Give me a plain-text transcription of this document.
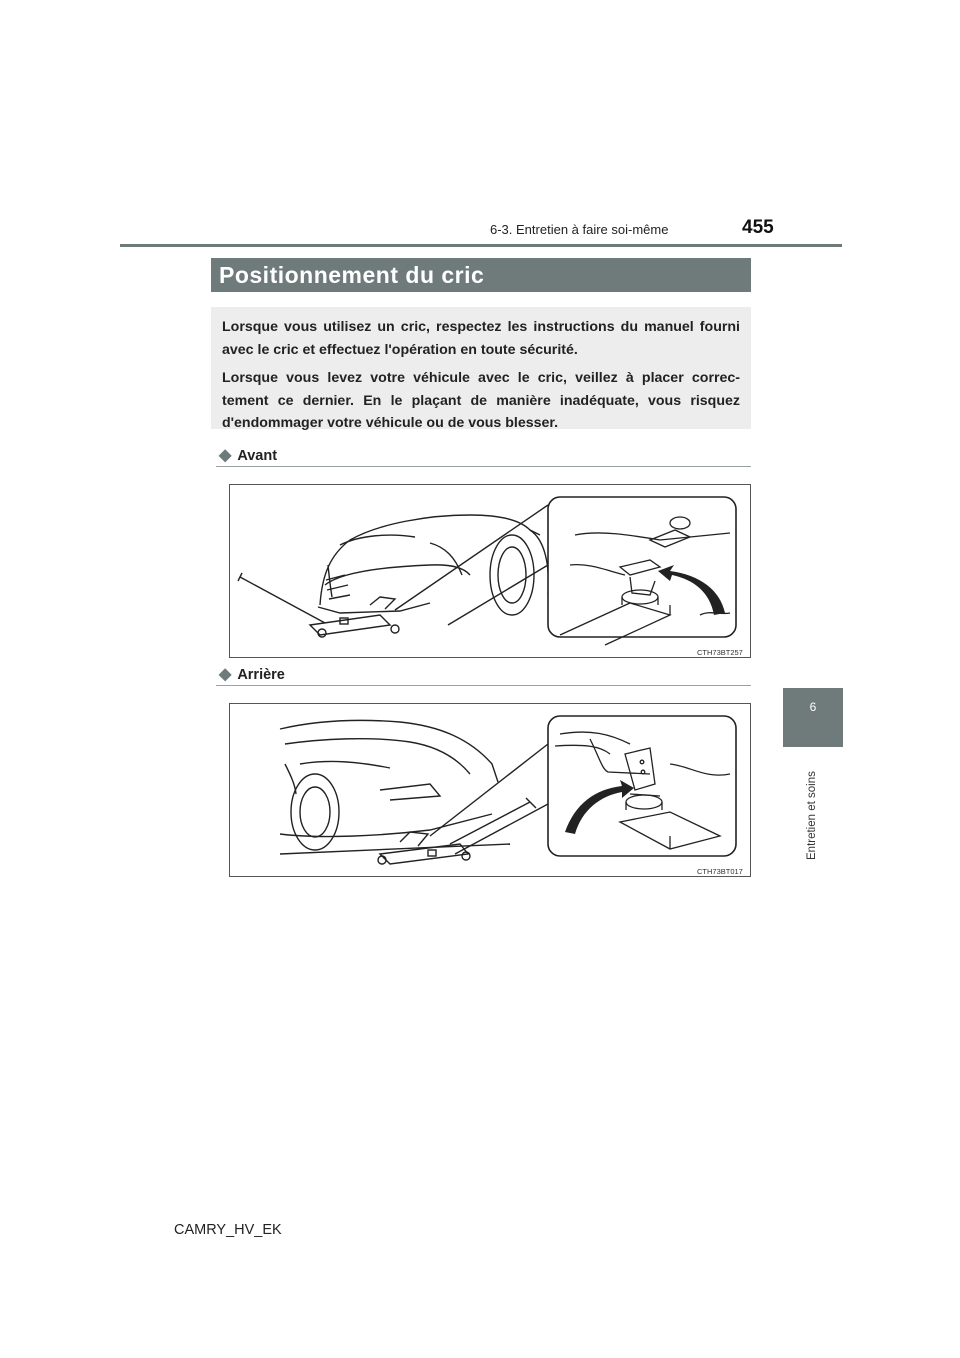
6-3. Entretien à faire soi-même	455
Positionnement du cric

Lorsque vous utilisez un cric, respectez les instructions du manuel fourni avec le cric et effectuez l'opération en toute sécurité.

Lorsque vous levez votre véhicule avec le cric, veillez à placer correc-tement ce dernier. En le plaçant de manière inadéquate, vous risquez d'endommager votre véhicule ou de vous blesser.

◆ Avant
CTH73BT257
◆ Arrière
CTH73BT017
6
Entretien et soins
CAMRY_HV_EK
